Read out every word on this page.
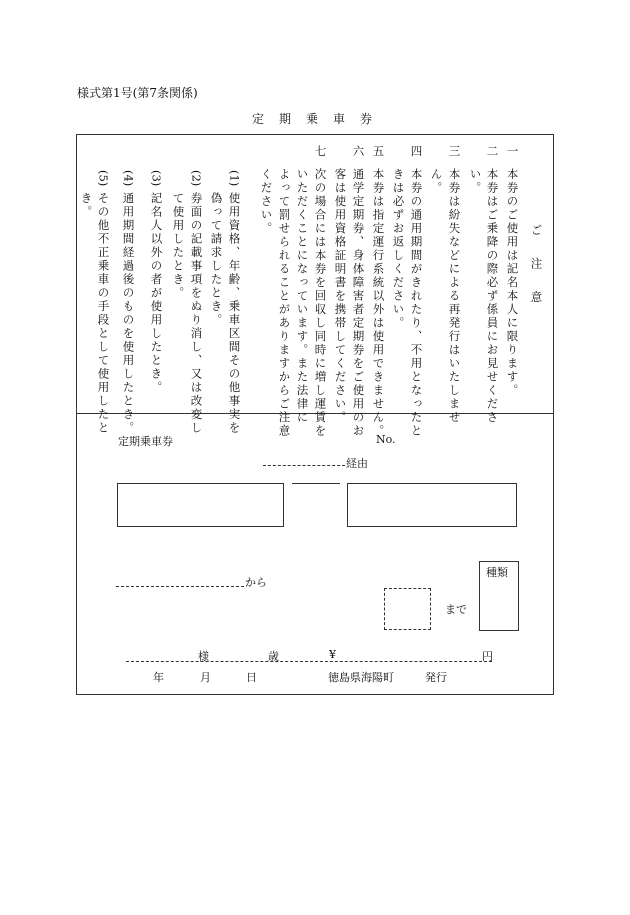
様式第1号(第7条関係)
定期乗車券
ご注意
一
本券のご使用は記名本人に限ります。
二
本券はご乗降の際必ず係員にお見せくださ
い。
三
本券は紛失などによる再発行はいたしませ
ん。
四
本券の通用期間がきれたり、不用となったと
きは必ずお返しください。
五
本券は指定運行系統以外は使用できません。
六
通学定期券、身体障害者定期券をご使用のお
客は使用資格証明書を携帯してください。
七
次の場合には本券を回収し同時に増し運賃を
いただくことになっています。また法律に
よって罰せられることがありますからご注意
ください。
(1)
使用資格、年齢、乗車区間その他事実を
偽って請求したとき。
(2)
券面の記載事項をぬり消し、又は改変し
て使用したとき。
(3)
記名人以外の者が使用したとき。
(4)
通用期間経過後のものを使用したとき。
(5)
その他不正乗車の手段として使用したと
き。
定期乗車券	No.
経由
から
まで
種類
様	歳	¥	円
年	月	日	徳島県海陽町	発行
